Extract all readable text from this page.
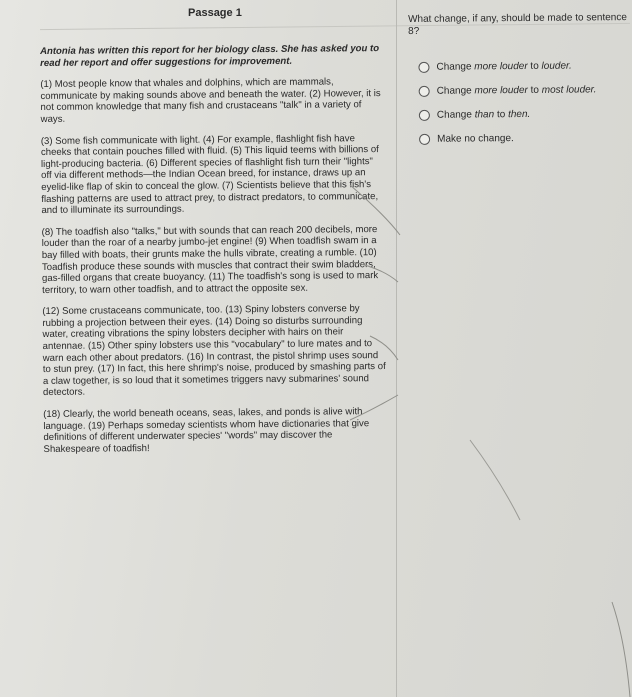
Passage 1

Antonia has written this report for her biology class. She has asked you to read her report and offer suggestions for improvement.

(1) Most people know that whales and dolphins, which are mammals, communicate by making sounds above and beneath the water. (2) However, it is not common knowledge that many fish and crustaceans "talk" in a variety of ways.

(3) Some fish communicate with light. (4) For example, flashlight fish have cheeks that contain pouches filled with fluid. (5) This liquid teems with billions of light-producing bacteria. (6) Different species of flashlight fish turn their "lights" off via different methods—the Indian Ocean breed, for instance, draws up an eyelid-like flap of skin to conceal the glow. (7) Scientists believe that this fish's flashing patterns are used to attract prey, to distract predators, to communicate, and to illuminate its surroundings.

(8) The toadfish also "talks," but with sounds that can reach 200 decibels, more louder than the roar of a nearby jumbo-jet engine! (9) When toadfish swam in a bay filled with boats, their grunts make the hulls vibrate, creating a rumble. (10) Toadfish produce these sounds with muscles that contract their swim bladders, gas-filled organs that create buoyancy. (11) The toadfish's song is used to mark territory, to warn other toadfish, and to attract the opposite sex.

(12) Some crustaceans communicate, too. (13) Spiny lobsters converse by rubbing a projection between their eyes. (14) Doing so disturbs surrounding water, creating vibrations the spiny lobsters decipher with hairs on their antennae. (15) Other spiny lobsters use this "vocabulary" to lure mates and to warn each other about predators. (16) In contrast, the pistol shrimp uses sound to stun prey. (17) In fact, this here shrimp's noise, produced by smashing parts of a claw together, is so loud that it sometimes triggers navy submarines' sound detectors.

(18) Clearly, the world beneath oceans, seas, lakes, and ponds is alive with language. (19) Perhaps someday scientists whom have dictionaries that give definitions of different underwater species' "words" may discover the Shakespeare of toadfish!

What change, if any, should be made to sentence 8?
Change more louder to louder.
Change more louder to most louder.
Change than to then.
Make no change.
